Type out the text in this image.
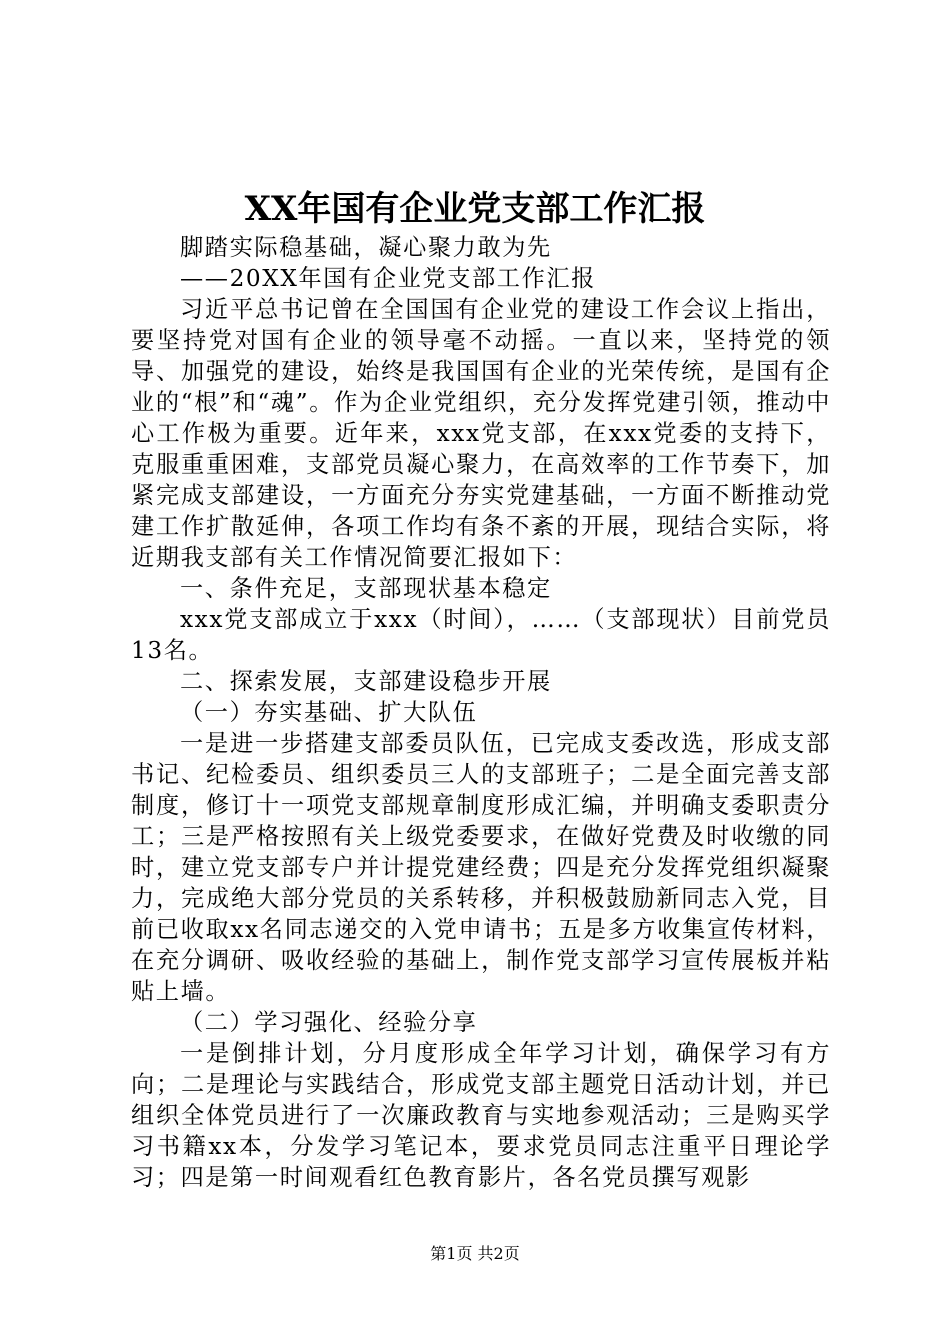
XX年国有企业党支部工作汇报

脚踏实际稳基础，凝心聚力敢为先

——20XX年国有企业党支部工作汇报

习近平总书记曾在全国国有企业党的建设工作会议上指出，要坚持党对国有企业的领导毫不动摇。一直以来，坚持党的领导、加强党的建设，始终是我国国有企业的光荣传统，是国有企业的“根”和“魂”。作为企业党组织，充分发挥党建引领，推动中心工作极为重要。近年来，xxx党支部，在xxx党委的支持下，克服重重困难，支部党员凝心聚力，在高效率的工作节奏下，加紧完成支部建设，一方面充分夯实党建基础，一方面不断推动党建工作扩散延伸，各项工作均有条不紊的开展，现结合实际，将近期我支部有关工作情况简要汇报如下：

一、条件充足，支部现状基本稳定

xxx党支部成立于xxx（时间），……（支部现状）目前党员13名。

二、探索发展，支部建设稳步开展

（一）夯实基础、扩大队伍

一是进一步搭建支部委员队伍，已完成支委改选，形成支部书记、纪检委员、组织委员三人的支部班子；二是全面完善支部制度，修订十一项党支部规章制度形成汇编，并明确支委职责分工；三是严格按照有关上级党委要求，在做好党费及时收缴的同时，建立党支部专户并计提党建经费；四是充分发挥党组织凝聚力，完成绝大部分党员的关系转移，并积极鼓励新同志入党，目前已收取xx名同志递交的入党申请书；五是多方收集宣传材料，在充分调研、吸收经验的基础上，制作党支部学习宣传展板并粘贴上墙。

（二）学习强化、经验分享

一是倒排计划，分月度形成全年学习计划，确保学习有方向；二是理论与实践结合，形成党支部主题党日活动计划，并已组织全体党员进行了一次廉政教育与实地参观活动；三是购买学习书籍xx本，分发学习笔记本，要求党员同志注重平日理论学习；四是第一时间观看红色教育影片，各名党员撰写观影

第1页 共2页
